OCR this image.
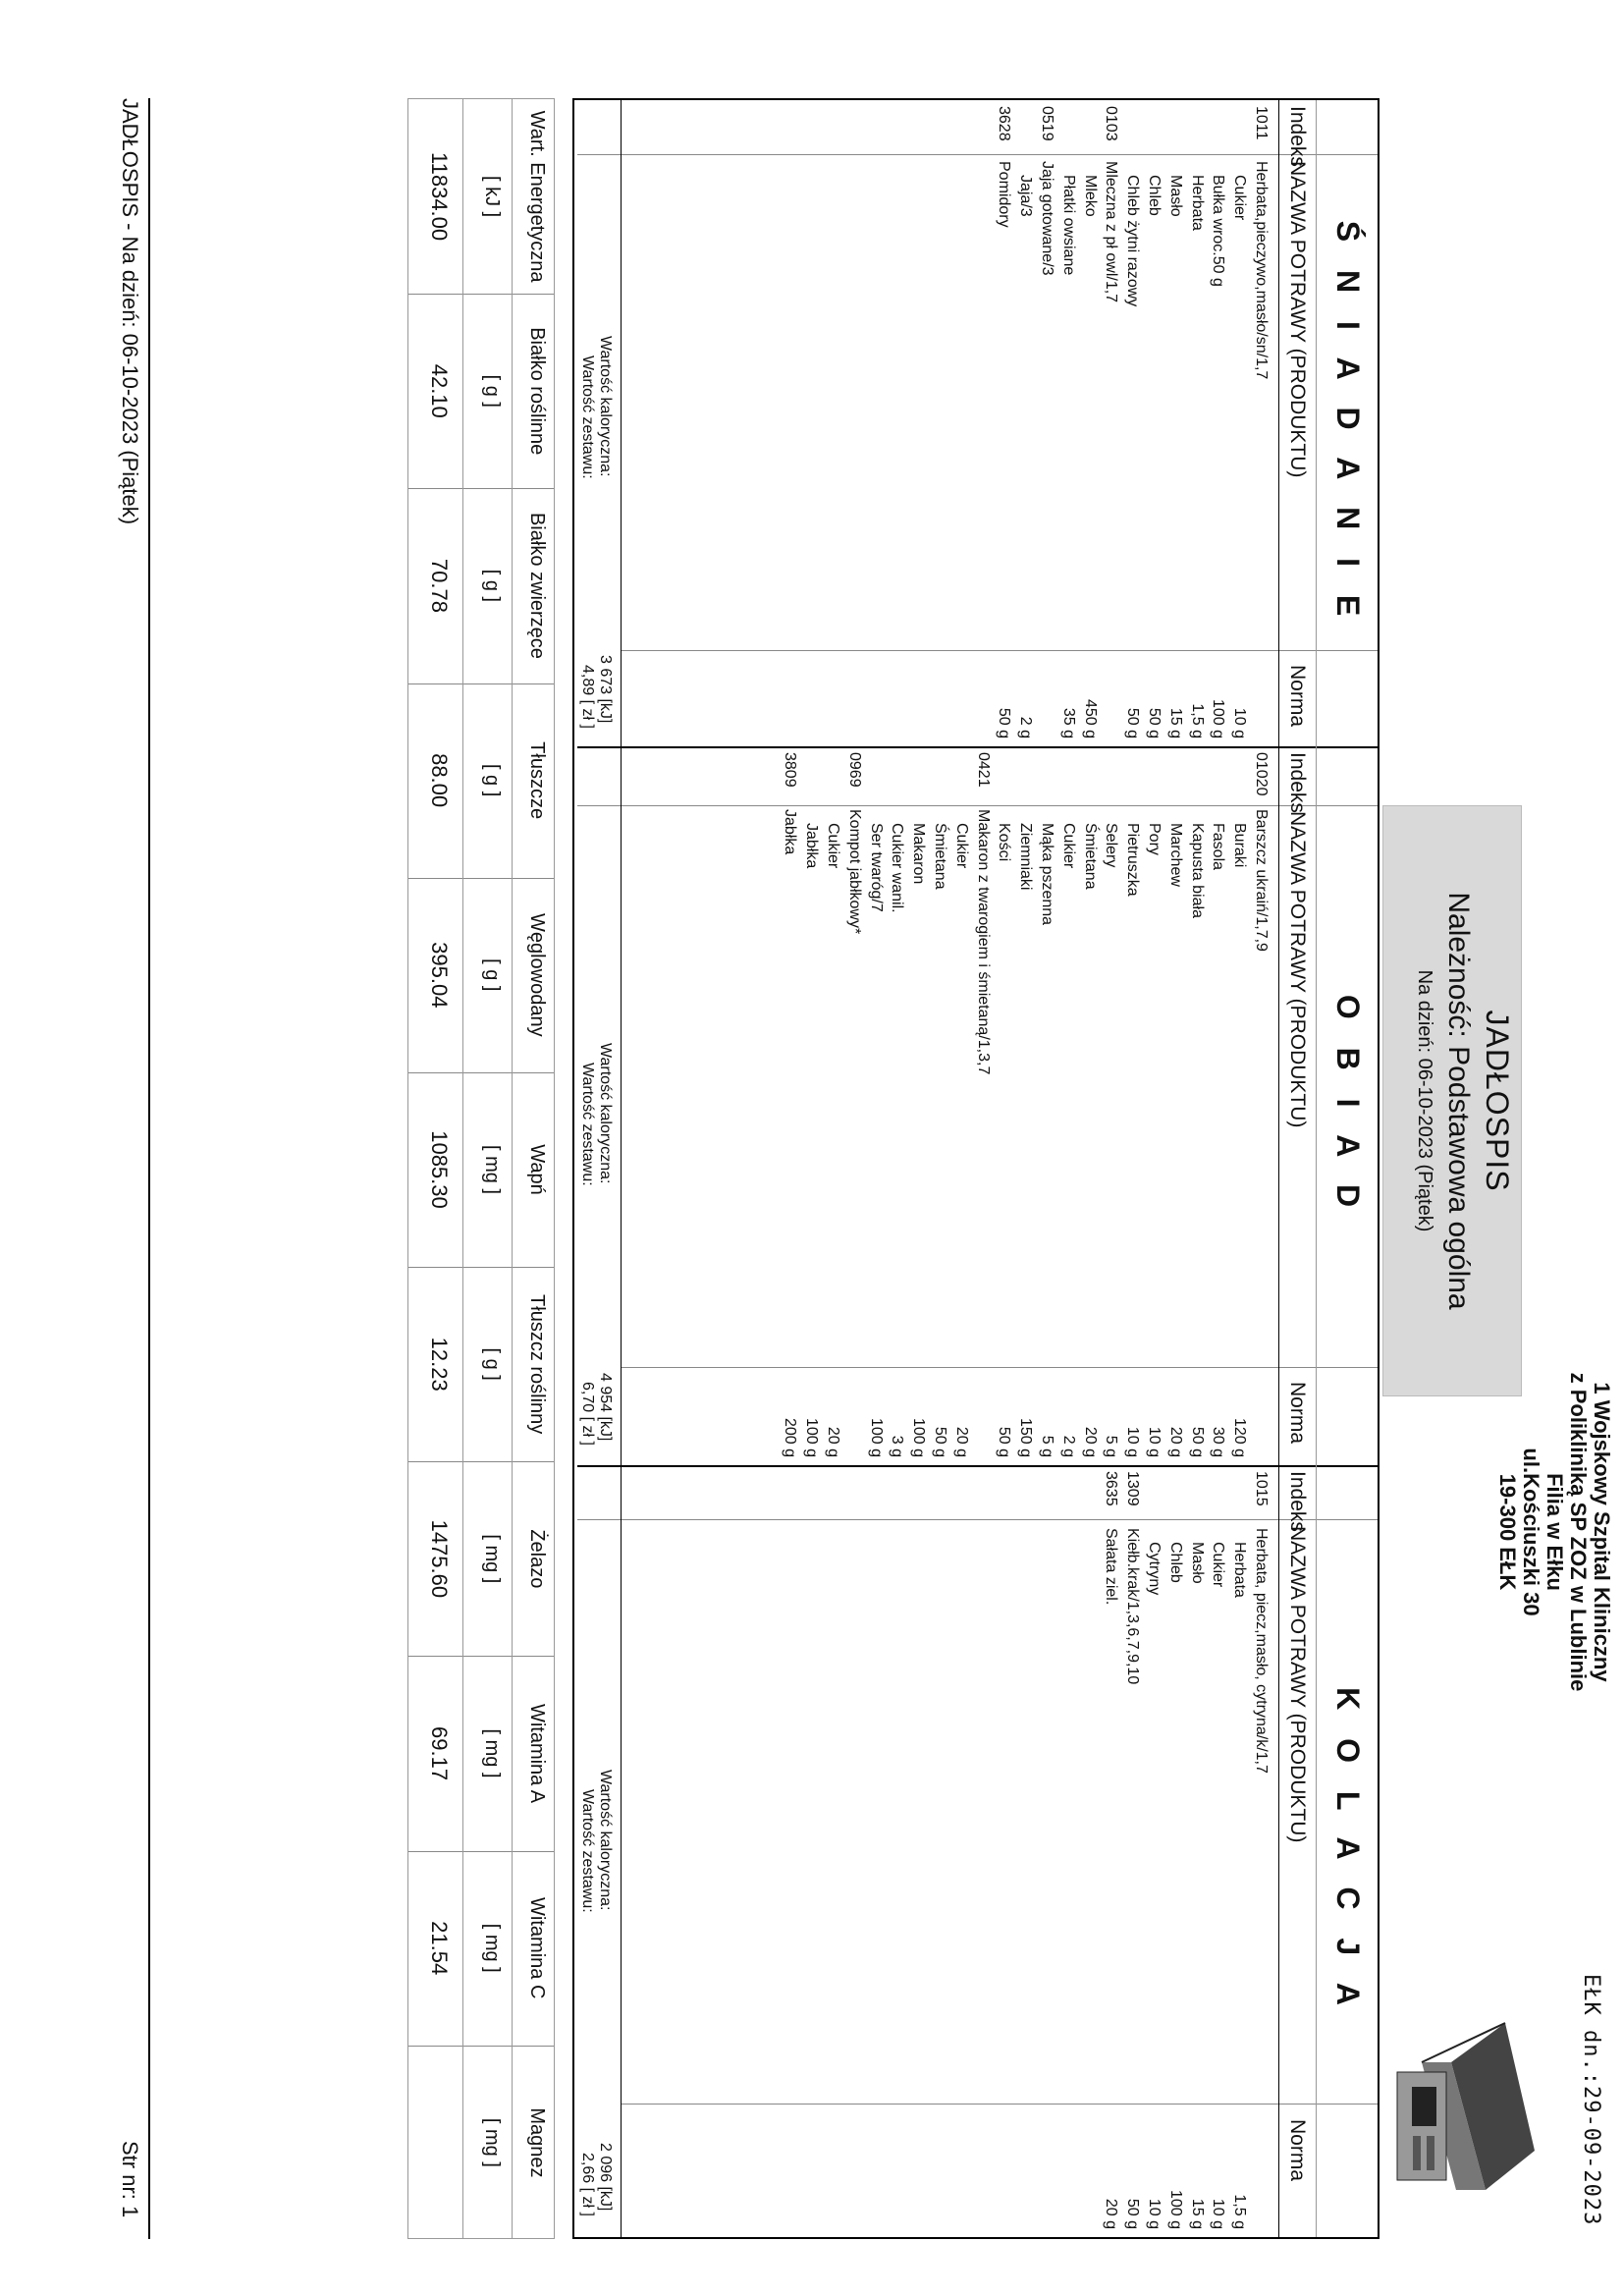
1 Wojskowy Szpital Kliniczny
z Polikliniką SP ZOZ w Lublinie
Filia w Ełku
ul.Kościuszki 30
19-300 EŁK
EŁK dn.:29-09-2023
JADŁOSPIS
Należność: Podstawowa ogólna
Na dzień: 06-10-2023 (Piątek)
Ś N I A D A N I E
Indeks
NAZWA POTRAWY (PRODUKTU)
Norma
1011
Herbata,pieczywo,masło/sn/1,7
Cukier
10 g
Bułka wroc.50 g
100 g
Herbata
1,5 g
Masło
15 g
Chleb
50 g
Chleb żytni razowy
50 g
0103
Mleczna z pł owl/1,7
Mleko
450 g
Płatki owsiane
35 g
0519
Jaja gotowane/3
Jaja/3
2 g
3628
Pomidory
50 g
Wartość kaloryczna:
3 673 [kJ]
Wartość zestawu:
4,89 [ zł ]
O B I A D
Indeks
NAZWA POTRAWY (PRODUKTU)
Norma
01020
Barszcz ukraiń/1,7,9
Buraki
120 g
Fasola
30 g
Kapusta biała
50 g
Marchew
20 g
Pory
10 g
Pietruszka
10 g
Selery
5 g
Śmietana
20 g
Cukier
2 g
Mąka pszenna
5 g
Ziemniaki
150 g
Kości
50 g
0421
Makaron z twarogiem i śmietaną/1,3,7
Cukier
20 g
Śmietana
50 g
Makaron
100 g
Cukier wanil.
3 g
Ser twaróg/7
100 g
0969
Kompot jabłkowy*
Cukier
20 g
Jabłka
100 g
3809
Jabłka
200 g
Wartość kaloryczna:
4 954 [kJ]
Wartość zestawu:
6,70 [ zł ]
K O L A C J A
Indeks
NAZWA POTRAWY (PRODUKTU)
Norma
1015
Herbata, piecz,masło, cytryna/k/1,7
Herbata
1,5 g
Cukier
10 g
Masło
15 g
Chleb
100 g
Cytryny
10 g
1309
Kiełb.krak/1,3,6,7,9,10
50 g
3635
Sałata ziel.
20 g
Wartość kaloryczna:
2 096 [kJ]
Wartość zestawu:
2,66 [ zł ]
Wart. Energetyczna
[ kJ ]
11834.00
Białko roślinne
[ g ]
42.10
Białko zwierzęce
[ g ]
70.78
Tłuszcze
[ g ]
88.00
Węglowodany
[ g ]
395.04
Wapń
[ mg ]
1085.30
Tłuszcz roślinny
[ g ]
12.23
Żelazo
[ mg ]
1475.60
Witamina A
[ mg ]
69.17
Witamina C
[ mg ]
21.54
Magnez
[ mg ]
JADŁOSPIS - Na dzień: 06-10-2023 (Piątek)
Str nr: 1
